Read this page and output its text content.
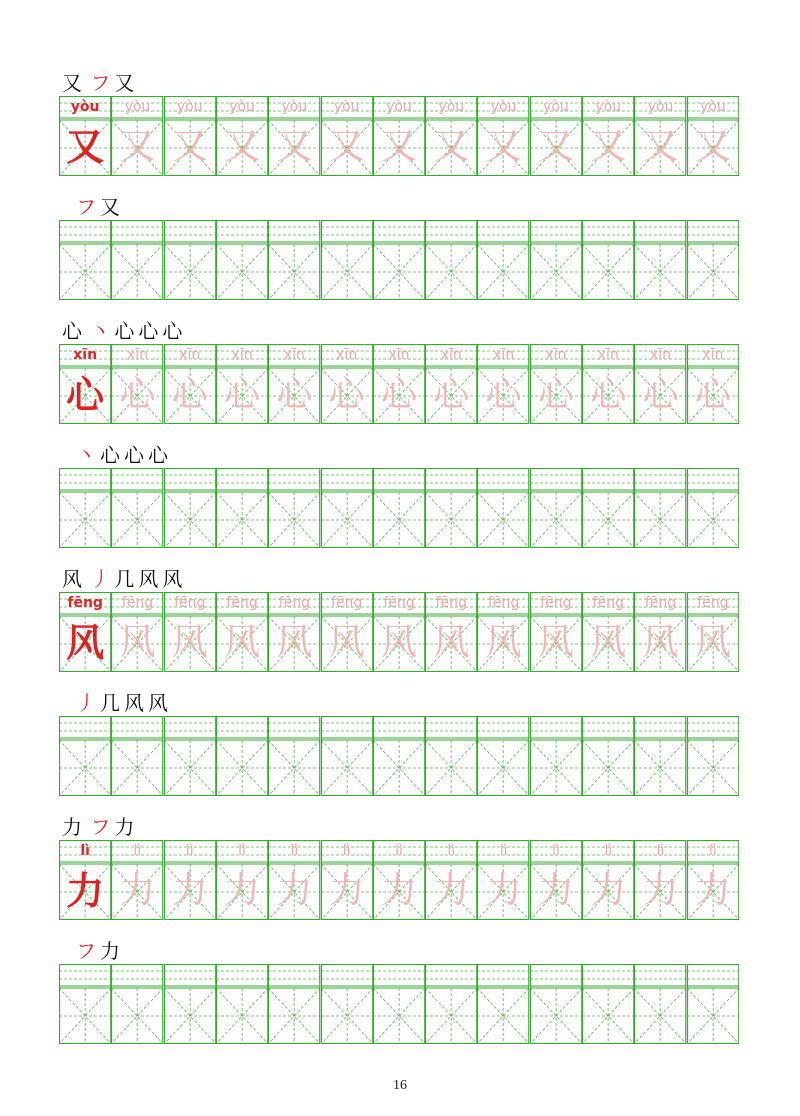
又 フ 又
yòu
又
yòu
又
yòu
又
yòu
又
yòu
又
yòu
又
yòu
又
yòu
又
yòu
又
yòu
又
yòu
又
yòu
又
yòu
又
フ 又
心 丶 心 心 心
xīn
心
xīn
心
xīn
心
xīn
心
xīn
心
xīn
心
xīn
心
xīn
心
xīn
心
xīn
心
xīn
心
xīn
心
xīn
心
丶 心 心 心
风 丿 几 风 风
fēng
风
fēng
风
fēng
风
fēng
风
fēng
风
fēng
风
fēng
风
fēng
风
fēng
风
fēng
风
fēng
风
fēng
风
fēng
风
丿 几 风 风
力 フ 力
lì
力
lì
力
lì
力
lì
力
lì
力
lì
力
lì
力
lì
力
lì
力
lì
力
lì
力
lì
力
lì
力
フ 力
16
